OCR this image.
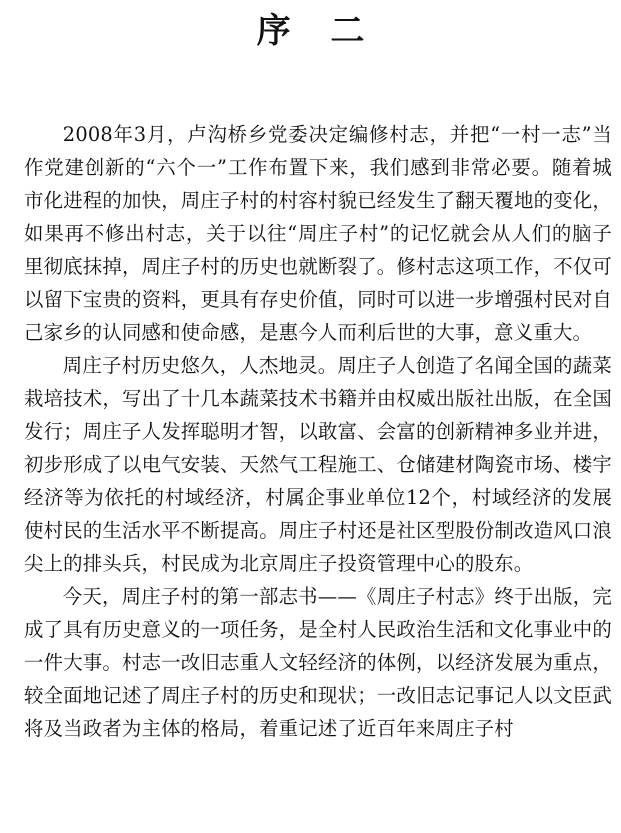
序 二

2008年3月，卢沟桥乡党委决定编修村志，并把“一村一志”当作党建创新的“六个一”工作布置下来，我们感到非常必要。随着城市化进程的加快，周庄子村的村容村貌已经发生了翻天覆地的变化，如果再不修出村志，关于以往“周庄子村”的记忆就会从人们的脑子里彻底抹掉，周庄子村的历史也就断裂了。修村志这项工作，不仅可以留下宝贵的资料，更具有存史价值，同时可以进一步增强村民对自己家乡的认同感和使命感，是惠今人而利后世的大事，意义重大。

周庄子村历史悠久，人杰地灵。周庄子人创造了名闻全国的蔬菜栽培技术，写出了十几本蔬菜技术书籍并由权威出版社出版，在全国发行；周庄子人发挥聪明才智，以敢富、会富的创新精神多业并进，初步形成了以电气安装、天然气工程施工、仓储建材陶瓷市场、楼宇经济等为依托的村域经济，村属企事业单位12个，村域经济的发展使村民的生活水平不断提高。周庄子村还是社区型股份制改造风口浪尖上的排头兵，村民成为北京周庄子投资管理中心的股东。

今天，周庄子村的第一部志书——《周庄子村志》终于出版，完成了具有历史意义的一项任务，是全村人民政治生活和文化事业中的一件大事。村志一改旧志重人文轻经济的体例，以经济发展为重点，较全面地记述了周庄子村的历史和现状；一改旧志记事记人以文臣武将及当政者为主体的格局，着重记述了近百年来周庄子村
